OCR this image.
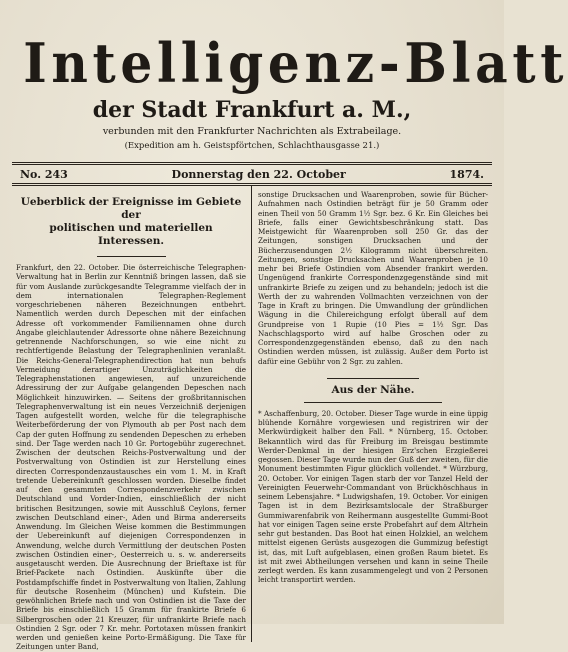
Intelligenz-Blatt
der Stadt Frankfurt a. M.,
verbunden mit den Frankfurter Nachrichten als Extrabeilage.
(Expedition am h. Geistspförtchen, Schlachthausgasse 21.)
No. 243	Donnerstag den 22. October	1874.
Ueberblick der Ereignisse im Gebiete der
politischen und materiellen Interessen.

Frankfurt, den 22. October. Die österreichische Telegraphen-Verwaltung hat in Berlin zur Kenntniß bringen lassen, daß sie für vom Auslande zurückgesandte Telegramme vielfach der in dem internationalen Telegraphen-Reglement vorgeschriebenen näheren Bezeichnungen entbehrt. Namentlich werden durch Depeschen mit der einfachen Adresse oft vorkommender Familiennamen ohne durch Angabe gleichlautender Adressorte ohne nähere Bezeichnung getrennende Nachforschungen, so wie eine nicht zu rechtfertigende Belastung der Telegraphenlinien veranlaßt. Die Reichs-General-Telegraphendirection hat nun behufs Vermeidung derartiger Unzuträglichkeiten die Telegraphenstationen angewiesen, auf unzureichende Adressirung der zur Aufgabe gelangenden Depeschen nach Möglichkeit hinzuwirken. — Seitens der großbritannischen Telegraphenverwaltung ist ein neues Verzeichniß derjenigen Tagen aufgestellt worden, welche für die telegraphische Weiterbeförderung der von Plymouth ab per Post nach dem Cap der guten Hoffnung zu sendenden Depeschen zu erheben sind. Der Tage werden nach 10 Gr. Portogebühr zugerechnet. Zwischen der deutschen Reichs-Postverwaltung und der Postverwaltung von Ostindien ist zur Herstellung eines directen Correspondenzaustausches ein vom 1. M. in Kraft tretende Uebereinkunft geschlossen worden. Dieselbe findet auf den gesammten Correspondenzverkehr zwischen Deutschland und Vorder-Indien, einschließlich der nicht britischen Besitzungen, sowie mit Ausschluß Ceylons, ferner zwischen Deutschland einer-, Aden und Birma andererseits Anwendung. Im Gleichen Weise kommen die Bestimmungen der Uebereinkunft auf diejenigen Correspondenzen in Anwendung, welche durch Vermittlung der deutschen Posten zwischen Ostindien einer-, Oesterreich u. s. w. andererseits ausgetauscht werden. Die Ausrechnung der Brieftaxe ist für Brief-Packete nach Ostindien. Auskünfte über die Postdampfschiffe findet in Postverwaltung von Italien, Zahlung für deutsche Rosenheim (München) und Kufstein. Die gewöhnlichen Briefe nach und von Ostindien ist die Taxe der Briefe bis einschließlich 15 Gramm für frankirte Briefe 6 Silbergroschen oder 21 Kreuzer, für unfrankirte Briefe nach Ostindien 2 Sgr. oder 7 Kr. mehr. Portotaxen müssen frankirt werden und genießen keine Porto-Ermäßigung. Die Taxe für Zeitungen unter Band,

sonstige Drucksachen und Waarenproben, sowie für Bücher-Aufnahmen nach Ostindien beträgt für je 50 Gramm oder einen Theil von 50 Gramm 1½ Sgr. bez. 6 Kr. Ein Gleiches bei Briefe, falls einer Gewichtsbeschränkung statt. Das Meistgewicht für Waarenproben soll 250 Gr. das der Zeitungen, sonstigen Drucksachen und der Bücherzusendungen 2½ Kilogramm nicht überschreiten. Zeitungen, sonstige Drucksachen und Waarenproben je 10 mehr bei Briefe Ostindien vom Absender frankirt werden. Ungenügend frankirte Correspondenzgegenstände sind mit unfrankirte Briefe zu zeigen und zu behandeln; jedoch ist die Werth der zu wahrenden Vollmachten verzeichnen von der Tage in Kraft zu bringen. Die Umwandlung der gründlichen Wägung in die Chilereichgung erfolgt überall auf dem Grundpreise von 1 Rupie (10 Pies = 1½ Sgr. Das Nachschlagsporto wird auf halbe Groschen oder zu Correspondenzgegenständen ebenso, daß zu den nach Ostindien werden müssen, ist zulässig. Außer dem Porto ist dafür eine Gebühr von 2 Sgr. zu zahlen.

Aus der Nähe.

* Aschaffenburg, 20. October. Dieser Tage wurde in eine üppig blühende Kornähre vorgewiesen und registriren wir der Merkwürdigkeit halber den Fall. * Nürnberg, 15. October. Bekanntlich wird das für Freiburg im Breisgau bestimmte Werder-Denkmal in der hiesigen Erz'schen Erzgießerei gegossen. Dieser Tage wurde nun der Guß der zweiten, für die Monument bestimmten Figur glücklich vollendet. * Würzburg, 20. October. Vor einigen Tagen starb der vor Tanzel Held der Vereinigten Feuerwehr-Commandant von Brückhöschhaus in seinem Lebensjahre. * Ludwigshafen, 19. October. Vor einigen Tagen ist in dem Bezirksamtslocale der Straßburger Gummiwarenfabrik von Reihermann ausgestellte Gummi-Boot hat vor einigen Tagen seine erste Probefahrt auf dem Altrhein sehr gut bestanden. Das Boot hat einen Holzkiel, an welchem mittelst eigenen Gerüsts ausgezogen die Gummizug befestigt ist, das, mit Luft aufgeblasen, einen großen Raum bietet. Es ist mit zwei Abtheilungen versehen und kann in seine Theile zerlegt werden. Es kann zusammengelegt und von 2 Personen leicht transportirt werden.
